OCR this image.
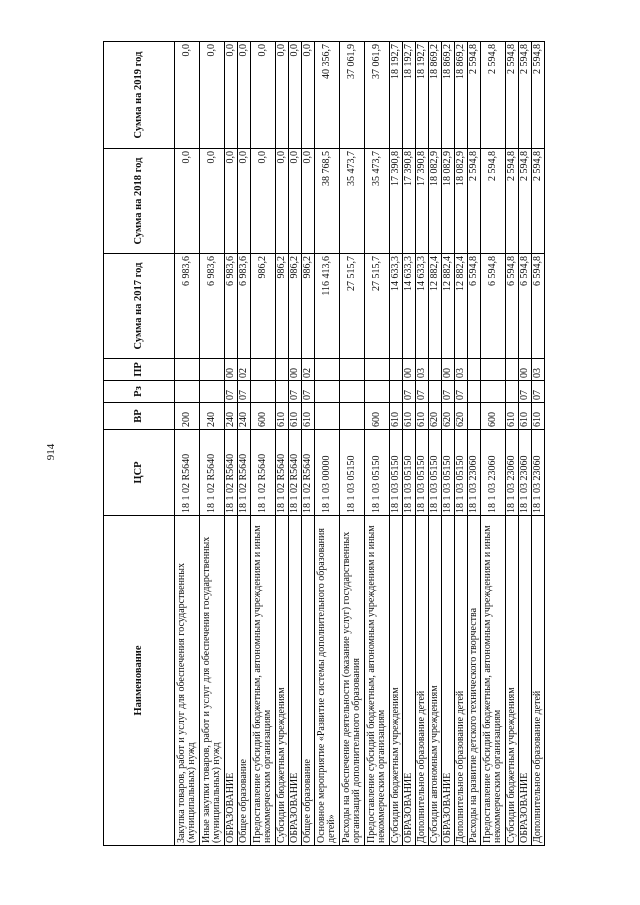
914
Наименование	ЦСР	ВР	Рз	ПР	Сумма на 2017 год	Сумма на 2018 год	Сумма на 2019 год
Закупка товаров, работ и услуг для обеспечения государственных (муниципальных) нужд	18 1 02 R5640	200			6 983,6	0,0	0,0
Иные закупки товаров, работ и услуг для обеспечения государственных (муниципальных) нужд	18 1 02 R5640	240			6 983,6	0,0	0,0
ОБРАЗОВАНИЕ	18 1 02 R5640	240	07	00	6 983,6	0,0	0,0
Общее образование	18 1 02 R5640	240	07	02	6 983,6	0,0	0,0
Предоставление субсидий бюджетным, автономным учреждениям и иным некоммерческим организациям	18 1 02 R5640	600			986,2	0,0	0,0
Субсидии бюджетным учреждениям	18 1 02 R5640	610			986,2	0,0	0,0
ОБРАЗОВАНИЕ	18 1 02 R5640	610	07	00	986,2	0,0	0,0
Общее образование	18 1 02 R5640	610	07	02	986,2	0,0	0,0
Основное мероприятие «Развитие системы дополнительного образования детей»	18 1 03 00000				116 413,6	38 768,5	40 356,7
Расходы на обеспечение деятельности (оказание услуг) государственных организаций дополнительного образования	18 1 03 05150				27 515,7	35 473,7	37 061,9
Предоставление субсидий бюджетным, автономным учреждениям и иным некоммерческим организациям	18 1 03 05150	600			27 515,7	35 473,7	37 061,9
Субсидии бюджетным учреждениям	18 1 03 05150	610			14 633,3	17 390,8	18 192,7
ОБРАЗОВАНИЕ	18 1 03 05150	610	07	00	14 633,3	17 390,8	18 192,7
Дополнительное образование детей	18 1 03 05150	610	07	03	14 633,3	17 390,8	18 192,7
Субсидии автономным учреждениям	18 1 03 05150	620			12 882,4	18 082,9	18 869,2
ОБРАЗОВАНИЕ	18 1 03 05150	620	07	00	12 882,4	18 082,9	18 869,2
Дополнительное образование детей	18 1 03 05150	620	07	03	12 882,4	18 082,9	18 869,2
Расходы на развитие детского технического творчества	18 1 03 23060				6 594,8	2 594,8	2 594,8
Предоставление субсидий бюджетным, автономным учреждениям и иным некоммерческим организациям	18 1 03 23060	600			6 594,8	2 594,8	2 594,8
Субсидии бюджетным учреждениям	18 1 03 23060	610			6 594,8	2 594,8	2 594,8
ОБРАЗОВАНИЕ	18 1 03 23060	610	07	00	6 594,8	2 594,8	2 594,8
Дополнительное образование детей	18 1 03 23060	610	07	03	6 594,8	2 594,8	2 594,8
